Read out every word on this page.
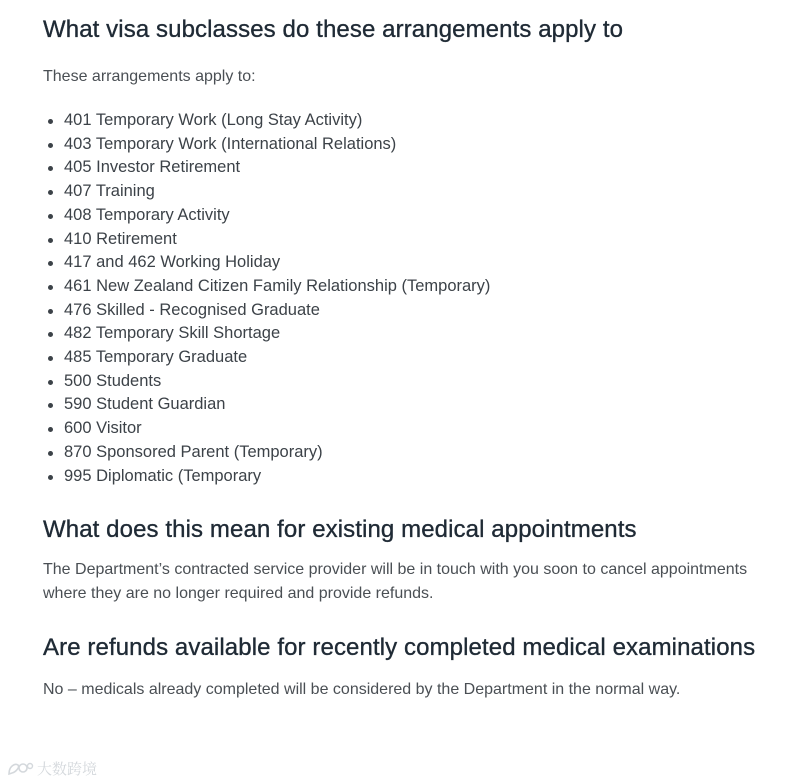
What visa subclasses do these arrangements apply to

These arrangements apply to:

401 Temporary Work (Long Stay Activity)
403 Temporary Work (International Relations)
405 Investor Retirement
407 Training
408 Temporary Activity
410 Retirement
417 and 462 Working Holiday
461 New Zealand Citizen Family Relationship (Temporary)
476 Skilled - Recognised Graduate
482 Temporary Skill Shortage
485 Temporary Graduate
500 Students
590 Student Guardian
600 Visitor
870 Sponsored Parent (Temporary)
995 Diplomatic (Temporary
What does this mean for existing medical appointments

The Department’s contracted service provider will be in touch with you soon to cancel appointments where they are no longer required and provide refunds.

Are refunds available for recently completed medical examinations

No – medicals already completed will be considered by the Department in the normal way.

大数跨境
